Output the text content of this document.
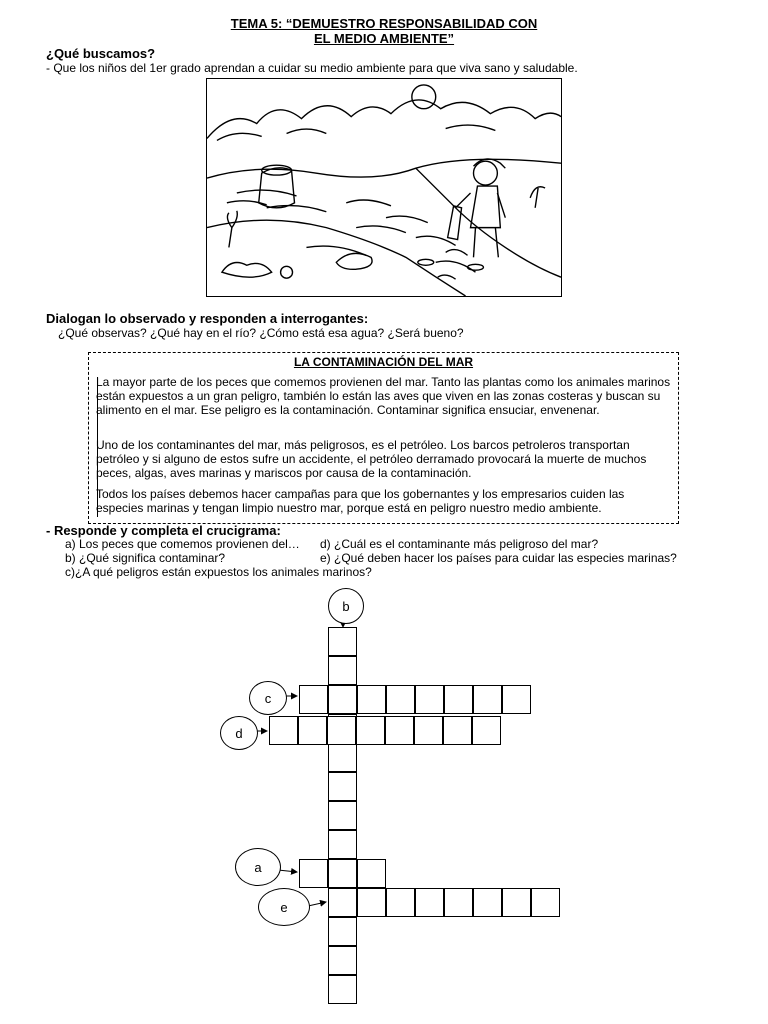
TEMA 5: “DEMUESTRO RESPONSABILIDAD CON
EL MEDIO AMBIENTE”
¿Qué buscamos?
- Que los niños del 1er grado aprendan a cuidar su medio ambiente para que viva sano y saludable.
Dialogan lo observado y responden a interrogantes:
¿Qué observas? ¿Qué hay en el río? ¿Cómo está esa agua? ¿Será bueno?
LA CONTAMINACIÓN DEL MAR
La mayor parte de los peces que comemos provienen del mar. Tanto las plantas como los animales marinos están expuestos a un gran peligro, también lo están las aves que viven en las zonas costeras y buscan su alimento en el mar. Ese peligro es la contaminación. Contaminar significa ensuciar, envenenar.
Uno de los contaminantes del mar, más peligrosos, es el petróleo. Los barcos petroleros transportan petróleo y si alguno de estos sufre un accidente, el petróleo derramado provocará la muerte de muchos peces, algas, aves marinas y mariscos por causa de la contaminación.
Todos los países debemos hacer campañas para que los gobernantes y los empresarios cuiden las especies marinas y tengan limpio nuestro mar, porque está en peligro nuestro medio ambiente.
- Responde y completa el crucigrama:
a) Los peces que comemos provienen del… d) ¿Cuál es el contaminante más peligroso del mar?
b) ¿Qué significa contaminar?	e) ¿Qué deben hacer los países para cuidar las especies marinas?
c)¿A qué peligros están expuestos los animales marinos?
b
c
d
a
e
